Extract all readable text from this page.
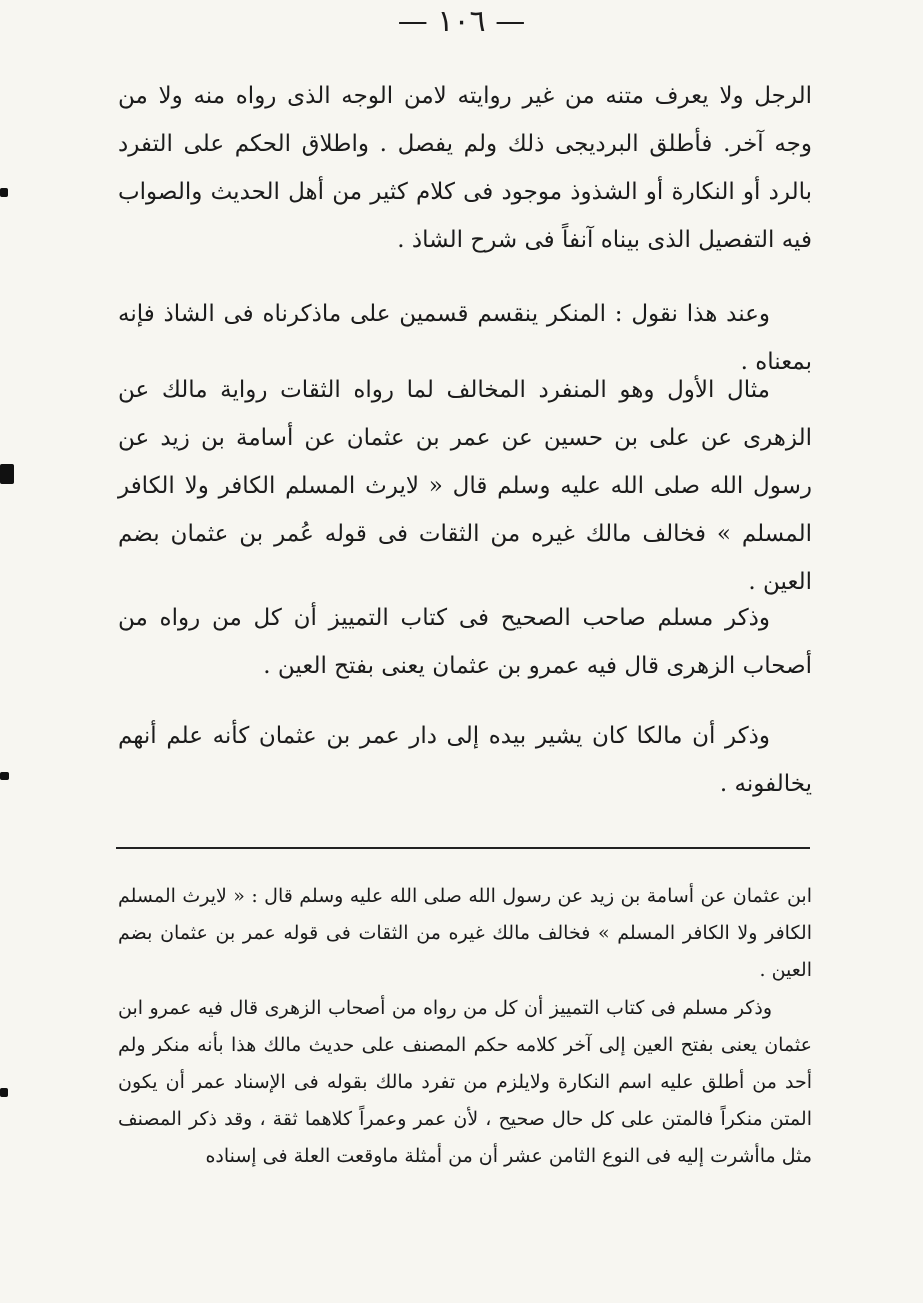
— ١٠٦ —

الرجل ولا يعرف متنه من غير روايته لامن الوجه الذى رواه منه ولا من وجه آخر. فأطلق البرديجى ذلك ولم يفصل . واطلاق الحكم على التفرد بالرد أو النكارة أو الشذوذ موجود فى كلام كثير من أهل الحديث والصواب فيه التفصيل الذى بيناه آنفاً فى شرح الشاذ .

وعند هذا نقول : المنكر ينقسم قسمين على ماذكرناه فى الشاذ فإنه بمعناه .

مثال الأول وهو المنفرد المخالف لما رواه الثقات رواية مالك عن الزهرى عن على بن حسين عن عمر بن عثمان عن أسامة بن زيد عن رسول الله صلى الله عليه وسلم قال « لايرث المسلم الكافر ولا الكافر المسلم » فخالف مالك غيره من الثقات فى قوله عُمر بن عثمان بضم العين .

وذكر مسلم صاحب الصحيح فى كتاب التمييز أن كل من رواه من أصحاب الزهرى قال فيه عمرو بن عثمان يعنى بفتح العين .

وذكر أن مالكا كان يشير بيده إلى دار عمر بن عثمان كأنه علم أنهم يخالفونه .

ابن عثمان عن أسامة بن زيد عن رسول الله صلى الله عليه وسلم قال : « لايرث المسلم الكافر ولا الكافر المسلم » فخالف مالك غيره من الثقات فى قوله عمر بن عثمان بضم العين .

وذكر مسلم فى كتاب التمييز أن كل من رواه من أصحاب الزهرى قال فيه عمرو ابن عثمان يعنى بفتح العين إلى آخر كلامه حكم المصنف على حديث مالك هذا بأنه منكر ولم أحد من أطلق عليه اسم النكارة ولايلزم من تفرد مالك بقوله فى الإسناد عمر أن يكون المتن منكراً فالمتن على كل حال صحيح ، لأن عمر وعمراً كلاهما ثقة ، وقد ذكر المصنف مثل ماأشرت إليه فى النوع الثامن عشر أن من أمثلة ماوقعت العلة فى إسناده
